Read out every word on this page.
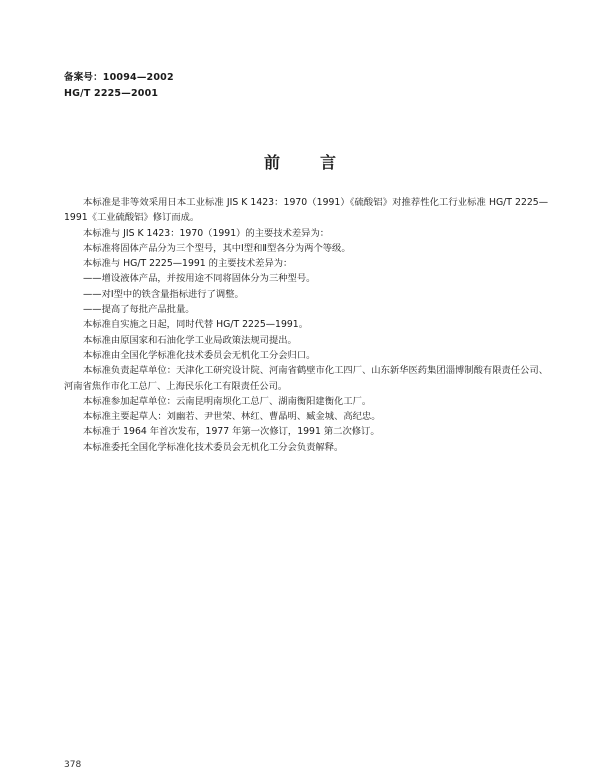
备案号：10094—2002
HG/T 2225—2001
前言

本标准是非等效采用日本工业标准 JIS K 1423：1970（1991）《硫酸铝》对推荐性化工行业标准 HG/T 2225—1991《工业硫酸铝》修订而成。

本标准与 JIS K 1423：1970（1991）的主要技术差异为：

本标准将固体产品分为三个型号，其中Ⅰ型和Ⅱ型各分为两个等级。

本标准与 HG/T 2225—1991 的主要技术差异为：

——增设液体产品，并按用途不同将固体分为三种型号。

——对Ⅰ型中的铁含量指标进行了调整。

——提高了每批产品批量。

本标准自实施之日起，同时代替 HG/T 2225—1991。

本标准由原国家和石油化学工业局政策法规司提出。

本标准由全国化学标准化技术委员会无机化工分会归口。

本标准负责起草单位：天津化工研究设计院、河南省鹤壁市化工四厂、山东新华医药集团淄博制酸有限责任公司、河南省焦作市化工总厂、上海民乐化工有限责任公司。

本标准参加起草单位：云南昆明南坝化工总厂、湖南衡阳建衡化工厂。

本标准主要起草人：刘幽若、尹世荣、林红、曹晶明、臧金城、高纪忠。

本标准于 1964 年首次发布，1977 年第一次修订，1991 第二次修订。

本标准委托全国化学标准化技术委员会无机化工分会负责解释。

378
